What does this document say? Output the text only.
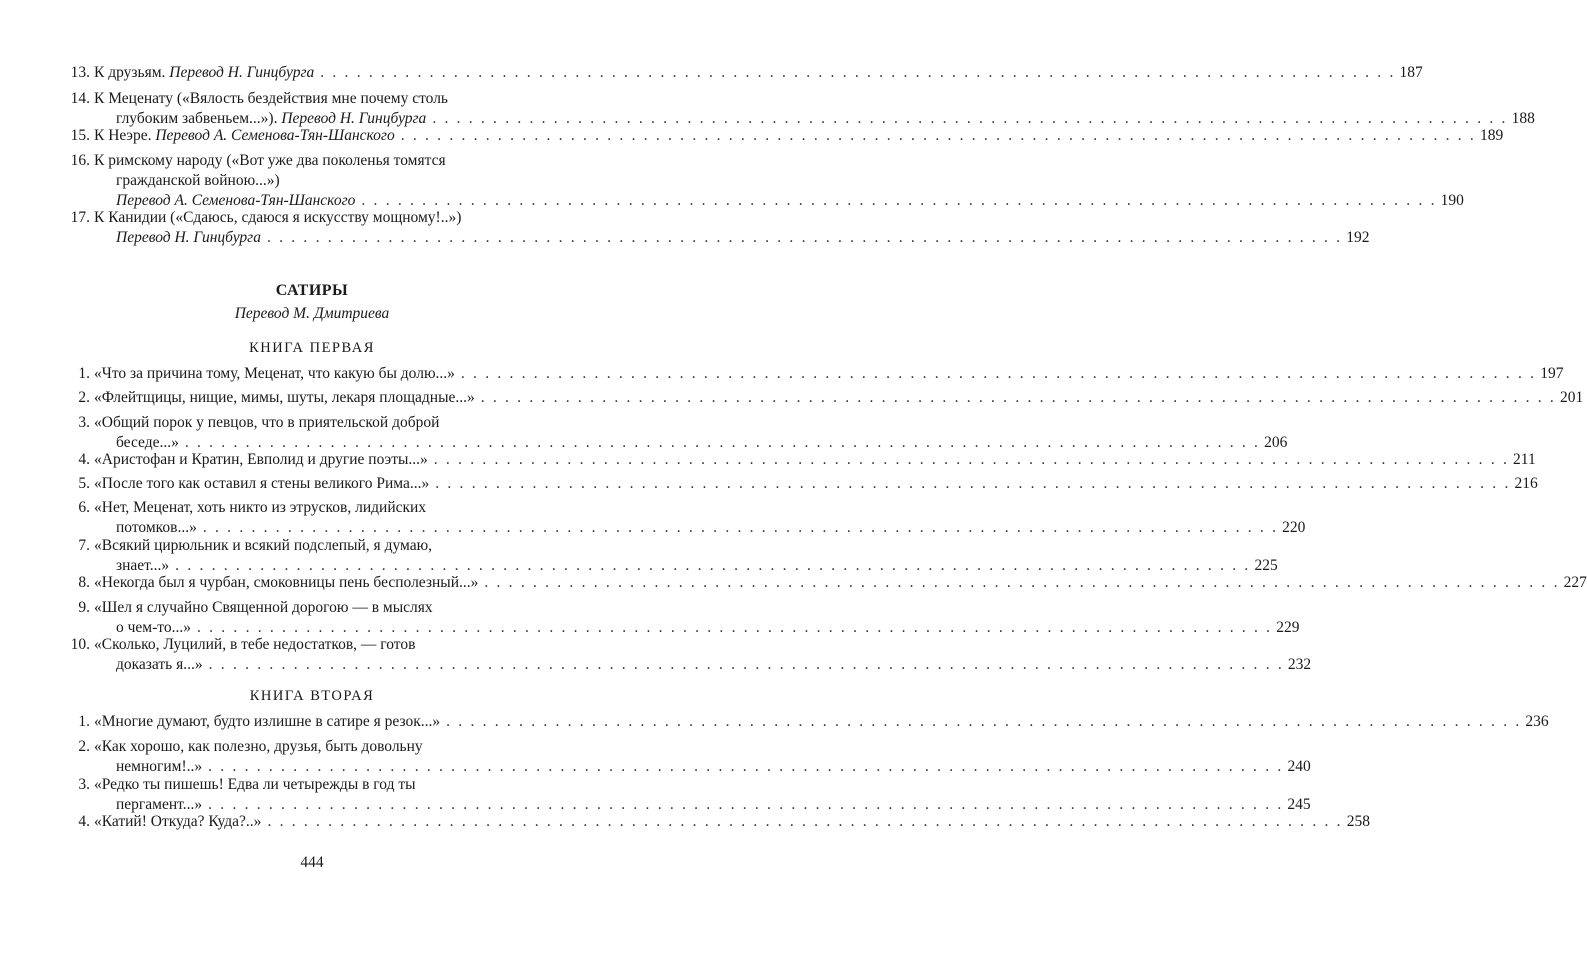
13. К друзьям. Перевод Н. Гинцбурга . . .	187
14. К Меценату («Вялость бездействия мне почему столь
глубоким забвеньем...»). Перевод Н. Гинцбурга . . .	188
15. К Неэре. Перевод А. Семенова-Тян-Шанского . . .	189
16. К римскому народу («Вот уже два поколенья томятся
гражданской войною...»)
Перевод А. Семенова-Тян-Шанского . . .	190
17. К Канидии («Сдаюсь, сдаюся я искусству мощному!..»)
Перевод Н. Гинцбурга . . .	192
САТИРЫ
Перевод М. Дмитриева
КНИГА ПЕРВАЯ
1. «Что за причина тому, Меценат, что какую бы долю...» . . .	197
2. «Флейтщицы, нищие, мимы, шуты, лекаря площадные...» . . .	201
3. «Общий порок у певцов, что в приятельской доброй
беседе...» . . .	206
4. «Аристофан и Кратин, Евполид и другие поэты...» . . .	211
5. «После того как оставил я стены великого Рима...» . . .	216
6. «Нет, Меценат, хоть никто из этрусков, лидийских
потомков...» . . .	220
7. «Всякий цирюльник и всякий подслепый, я думаю,
знает...» . . .	225
8. «Некогда был я чурбан, смоковницы пень бесполезный...» . . .	227
9. «Шел я случайно Священной дорогою — в мыслях
о чем-то...» . . .	229
10. «Сколько, Луцилий, в тебе недостатков, — готов
доказать я...» . . .	232
КНИГА ВТОРАЯ
1. «Многие думают, будто излишне в сатире я резок...» . . .	236
2. «Как хорошо, как полезно, друзья, быть довольну
немногим!..» . . .	240
3. «Редко ты пишешь! Едва ли четырежды в год ты
пергамент...» . . .	245
4. «Катий! Откуда? Куда?..» . . .	258
444
